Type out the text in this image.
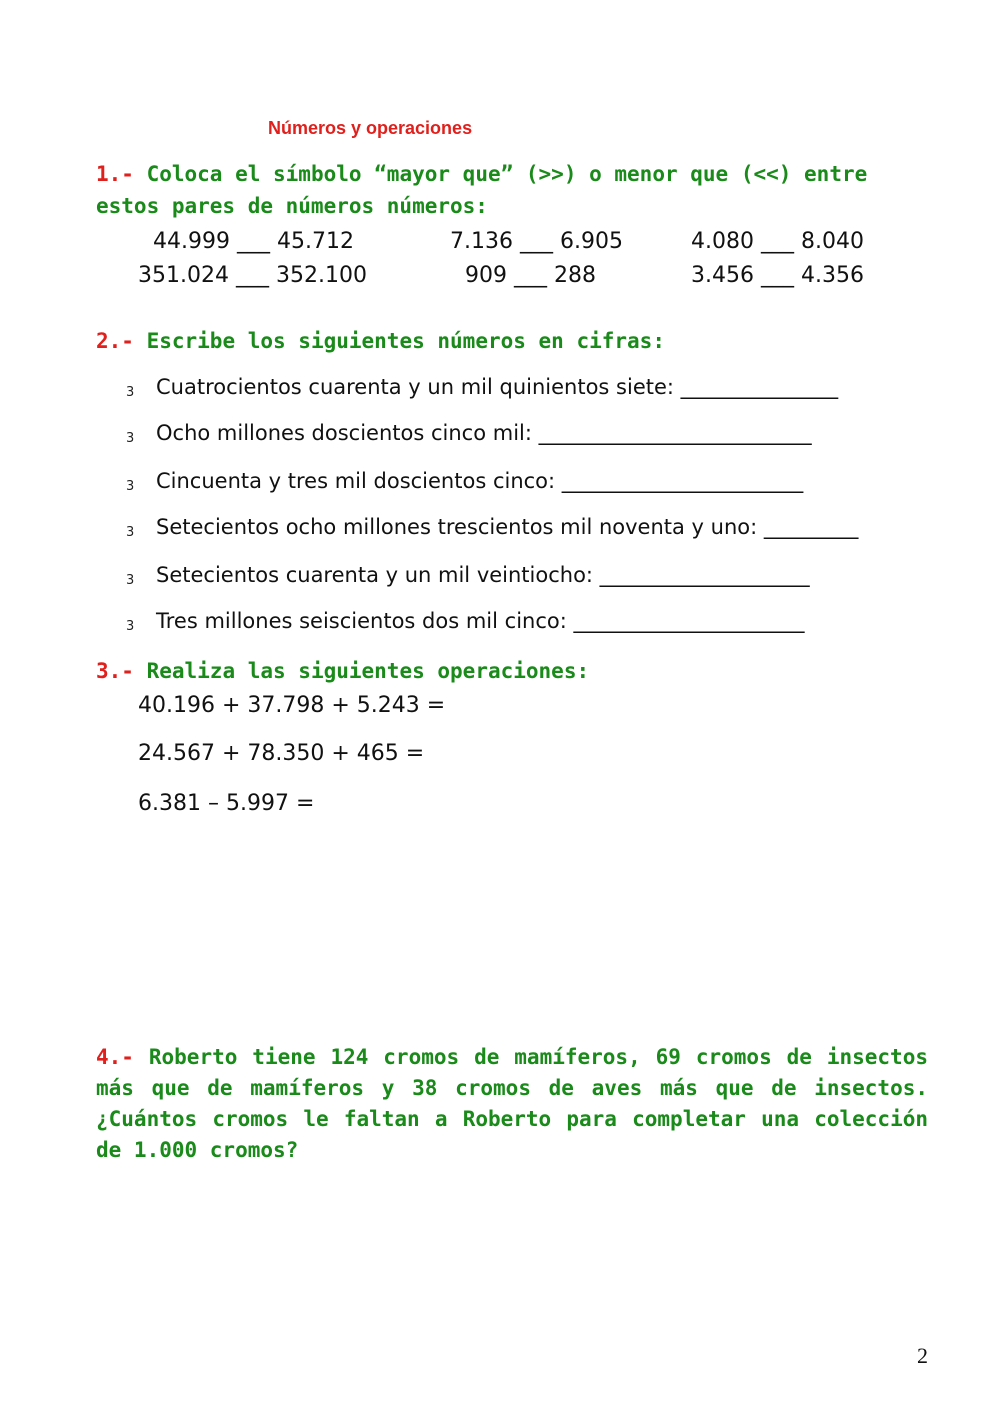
Números y operaciones
1.- Coloca el símbolo “mayor que” (>>) o menor que (<<) entre
estos pares de números números:
44.999 ___ 45.712	7.136 ___ 6.905	4.080 ___ 8.040
351.024 ___ 352.100	909 ___ 288	3.456 ___ 4.356
2.- Escribe los siguientes números en cifras:
3 Cuatrocientos cuarenta y un mil quinientos siete: _______________
3 Ocho millones doscientos cinco mil: __________________________
3 Cincuenta y tres mil doscientos cinco: _______________________
3 Setecientos ocho millones trescientos mil noventa y uno: _________
3 Setecientos cuarenta y un mil veintiocho: ____________________
3 Tres millones seiscientos dos mil cinco: ______________________
3.- Realiza las siguientes operaciones:
40.196 + 37.798 + 5.243 =
24.567 + 78.350 + 465 =
6.381 – 5.997 =
4.- Roberto tiene 124 cromos de mamíferos, 69 cromos de insectos más que de mamíferos y 38 cromos de aves más que de insectos. ¿Cuántos cromos le faltan a Roberto para completar una colección de 1.000 cromos?
2
